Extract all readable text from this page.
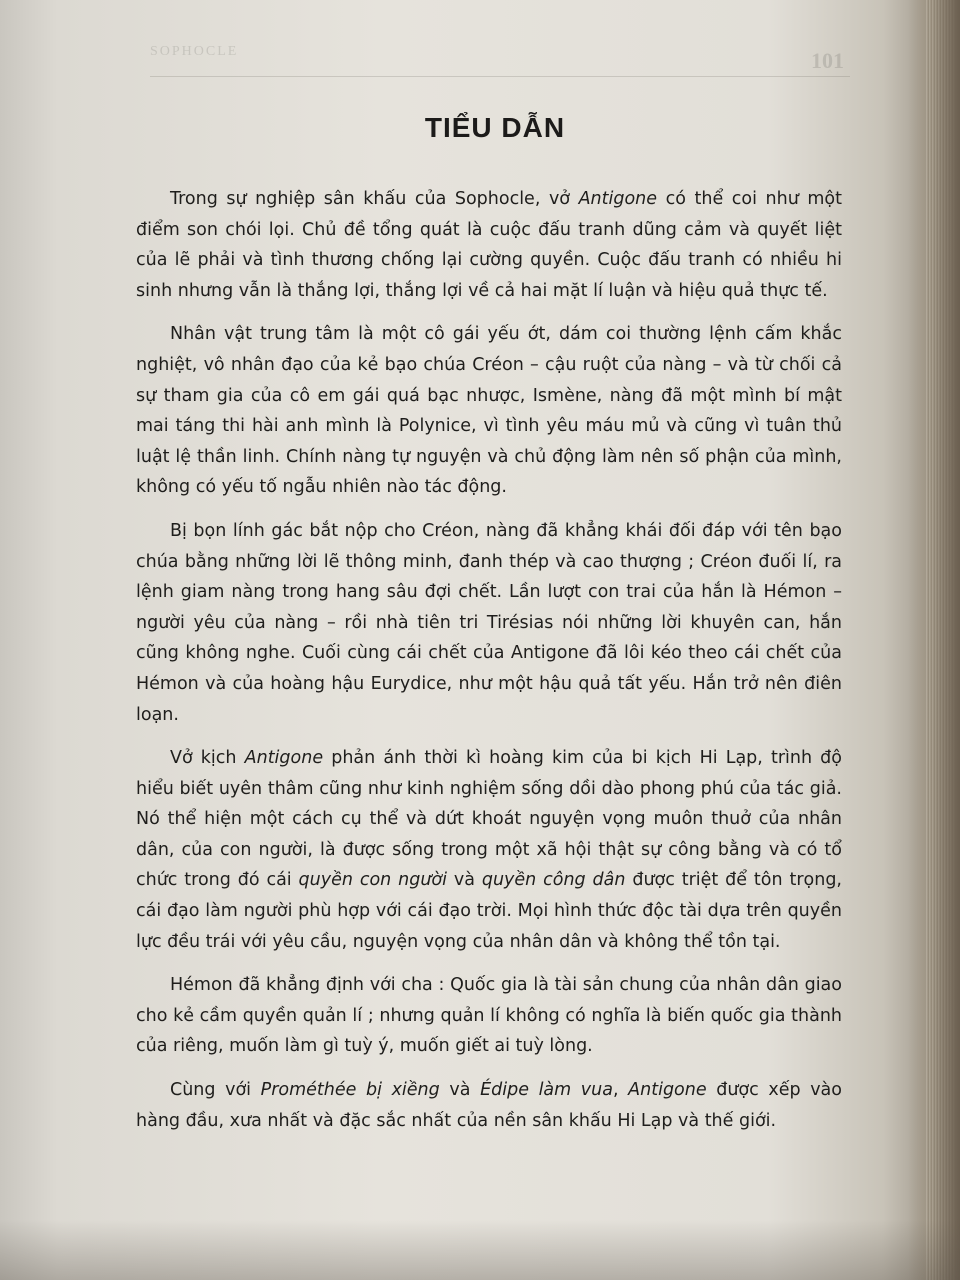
SOPHOCLE	101
TIỂU DẪN

Trong sự nghiệp sân khấu của Sophocle, vở Antigone có thể coi như một điểm son chói lọi. Chủ đề tổng quát là cuộc đấu tranh dũng cảm và quyết liệt của lẽ phải và tình thương chống lại cường quyền. Cuộc đấu tranh có nhiều hi sinh nhưng vẫn là thắng lợi, thắng lợi về cả hai mặt lí luận và hiệu quả thực tế.

Nhân vật trung tâm là một cô gái yếu ớt, dám coi thường lệnh cấm khắc nghiệt, vô nhân đạo của kẻ bạo chúa Créon – cậu ruột của nàng – và từ chối cả sự tham gia của cô em gái quá bạc nhược, Ismène, nàng đã một mình bí mật mai táng thi hài anh mình là Polynice, vì tình yêu máu mủ và cũng vì tuân thủ luật lệ thần linh. Chính nàng tự nguyện và chủ động làm nên số phận của mình, không có yếu tố ngẫu nhiên nào tác động.

Bị bọn lính gác bắt nộp cho Créon, nàng đã khẳng khái đối đáp với tên bạo chúa bằng những lời lẽ thông minh, đanh thép và cao thượng ; Créon đuối lí, ra lệnh giam nàng trong hang sâu đợi chết. Lần lượt con trai của hắn là Hémon – người yêu của nàng – rồi nhà tiên tri Tirésias nói những lời khuyên can, hắn cũng không nghe. Cuối cùng cái chết của Antigone đã lôi kéo theo cái chết của Hémon và của hoàng hậu Eurydice, như một hậu quả tất yếu. Hắn trở nên điên loạn.

Vở kịch Antigone phản ánh thời kì hoàng kim của bi kịch Hi Lạp, trình độ hiểu biết uyên thâm cũng như kinh nghiệm sống dồi dào phong phú của tác giả. Nó thể hiện một cách cụ thể và dứt khoát nguyện vọng muôn thuở của nhân dân, của con người, là được sống trong một xã hội thật sự công bằng và có tổ chức trong đó cái quyền con người và quyền công dân được triệt để tôn trọng, cái đạo làm người phù hợp với cái đạo trời. Mọi hình thức độc tài dựa trên quyền lực đều trái với yêu cầu, nguyện vọng của nhân dân và không thể tồn tại.

Hémon đã khẳng định với cha : Quốc gia là tài sản chung của nhân dân giao cho kẻ cầm quyền quản lí ; nhưng quản lí không có nghĩa là biến quốc gia thành của riêng, muốn làm gì tuỳ ý, muốn giết ai tuỳ lòng.

Cùng với Prométhée bị xiềng và Édipe làm vua, Antigone được xếp vào hàng đầu, xưa nhất và đặc sắc nhất của nền sân khấu Hi Lạp và thế giới.
